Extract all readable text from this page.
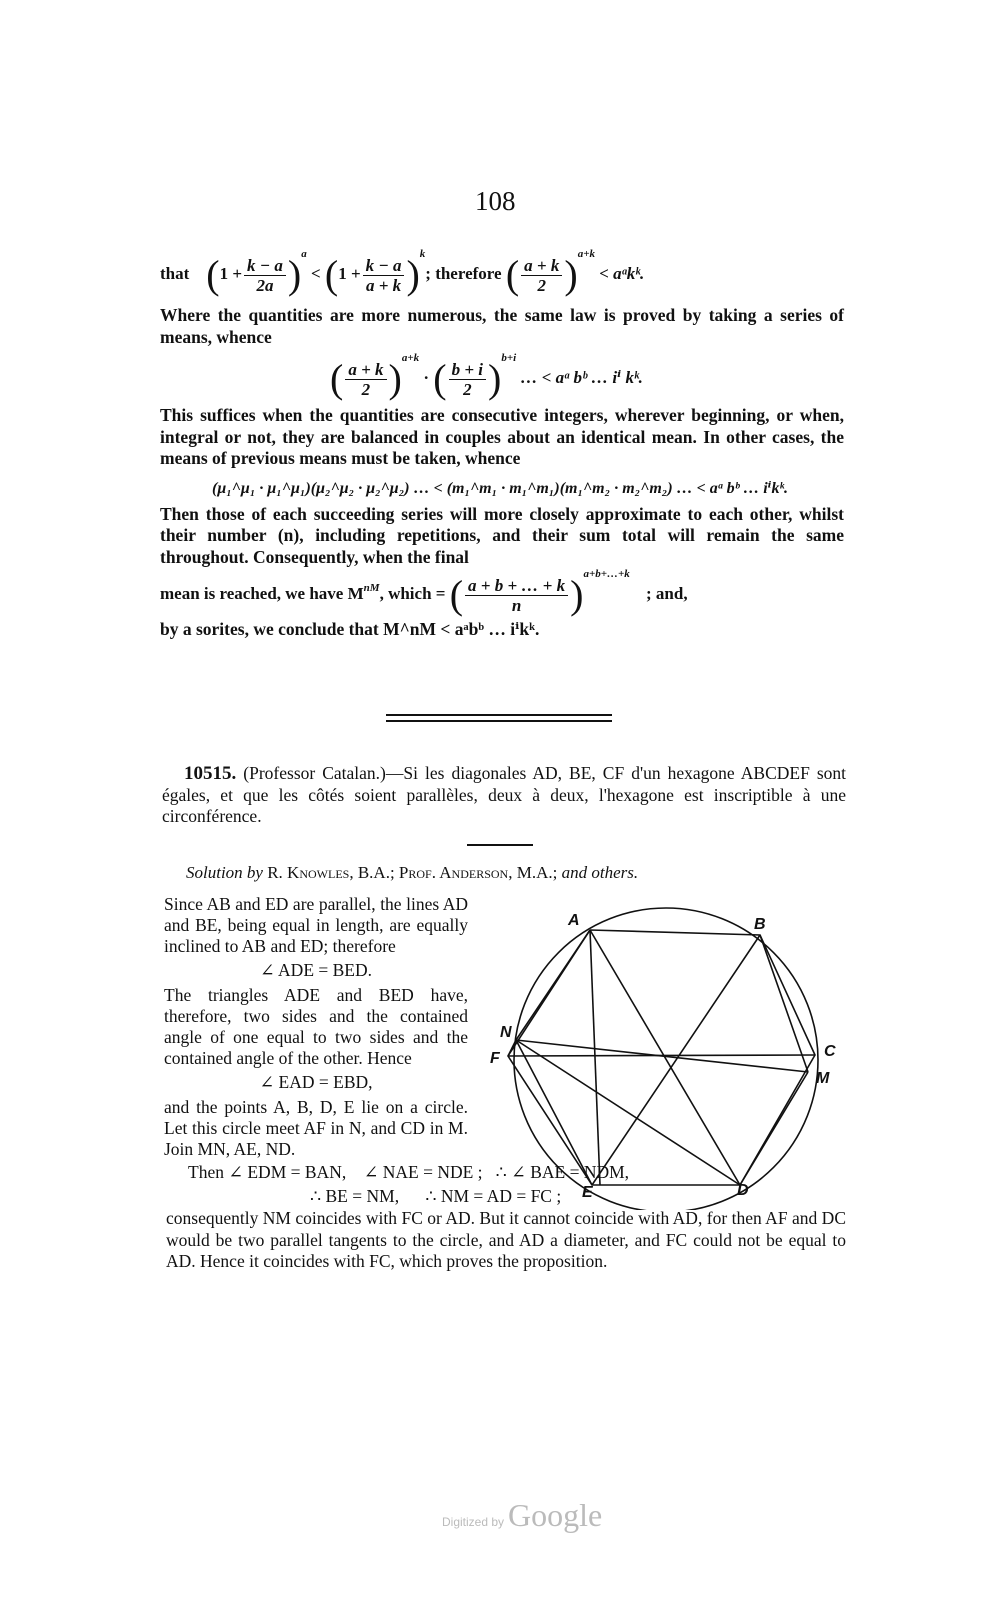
108
that $(1 + \frac{k - a}{2a} )^a < (1 + \frac{k - a}{a + k} )^k$; therefore ( $\frac{a + k}{2} )^{a+k}$ < aᵃkᵏ.
Where the quantities are more numerous, the same law is proved by taking a series of means, whence
( $\frac{a + k}{2} )^{a+k}$ · ( $\frac{b + i}{2} )^{b+i}$ … < aᵃ bᵇ … iⁱ kᵏ.
This suffices when the quantities are consecutive integers, wherever beginning, or when, integral or not, they are balanced in couples about an identical mean. In other cases, the means of previous means must be taken, whence
(μ₁^μ₁ · μ₁^μ₁)(μ₂^μ₂ · μ₂^μ₂) … < (m₁^m₁ · m₁^m₁)(m₁^m₂ · m₂^m₂) … < aᵃ bᵇ … iⁱkᵏ.
Then those of each succeeding series will more closely approximate to each other, whilst their number (n), including repetitions, and their sum total will remain the same throughout. Consequently, when the final
mean is reached, we have $M^{nM}$, which = ( $\frac{a + b + \dots + k}{n} )^{a+b+\dots+k}$ ; and,
by a sorites, we conclude that M^nM < aᵃbᵇ … iⁱkᵏ.
10515. (Professor Catalan.)—Si les diagonales AD, BE, CF d'un hexagone ABCDEF sont égales, et que les côtés soient parallèles, deux à deux, l'hexagone est inscriptible à une circonférence.
Solution by R. Knowles, B.A.; Prof. Anderson, M.A.; and others.
Since AB and ED are parallel, the lines AD and BE, being equal in length, are equally inclined to AB and ED; therefore
∠ ADE = BED.
The triangles ADE and BED have, therefore, two sides and the contained angle of one equal to two sides and the contained angle of the other. Hence
∠ EAD = EBD,
and the points A, B, D, E lie on a circle. Let this circle meet AF in N, and CD in M. Join MN, AE, ND.
Then ∠ EDM = BAN,    ∠ NAE = NDE ;   ∴ ∠ BAE = NDM,
∴ BE = NM,      ∴ NM = AD = FC ;
consequently NM coincides with FC or AD. But it cannot coincide with AD, for then AF and DC would be two parallel tangents to the circle, and AD a diameter, and FC could not be equal to AD. Hence it coincides with FC, which proves the proposition.
A	B
C
M
D
E
F
N
Digitized by Google
